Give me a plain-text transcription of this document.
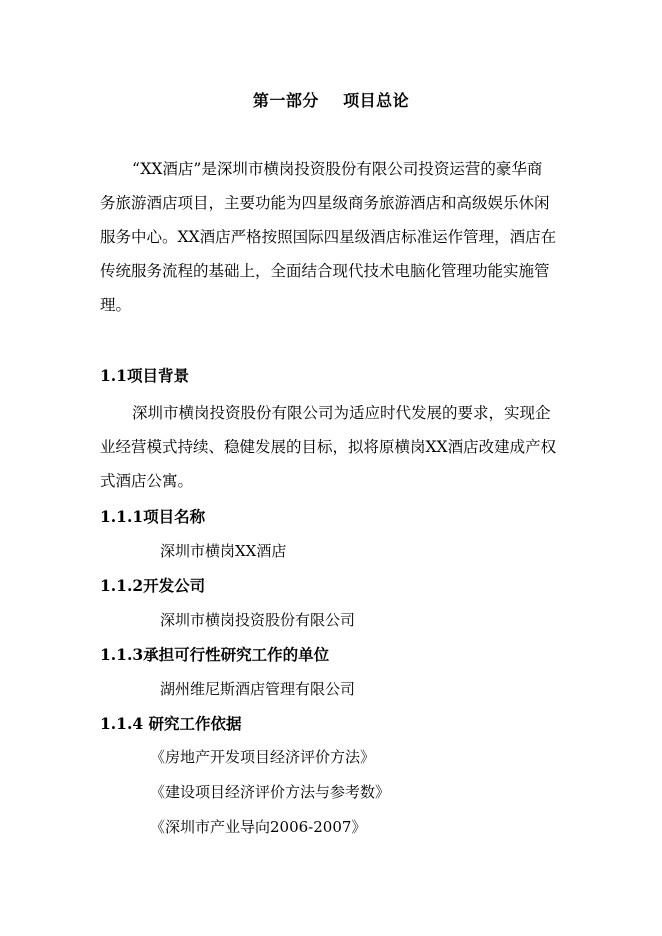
第一部分    项目总论
“XX酒店”是深圳市横岗投资股份有限公司投资运营的豪华商
务旅游酒店项目，主要功能为四星级商务旅游酒店和高级娱乐休闲
服务中心。XX酒店严格按照国际四星级酒店标准运作管理，酒店在
传统服务流程的基础上，全面结合现代技术电脑化管理功能实施管
理。
1.1项目背景
深圳市横岗投资股份有限公司为适应时代发展的要求，实现企
业经营模式持续、稳健发展的目标，拟将原横岗XX酒店改建成产权
式酒店公寓。
1.1.1项目名称
深圳市横岗XX酒店
1.1.2开发公司
深圳市横岗投资股份有限公司
1.1.3承担可行性研究工作的单位
湖州维尼斯酒店管理有限公司
1.1.4 研究工作依据
《房地产开发项目经济评价方法》
《建设项目经济评价方法与参考数》
《深圳市产业导向2006-2007》
